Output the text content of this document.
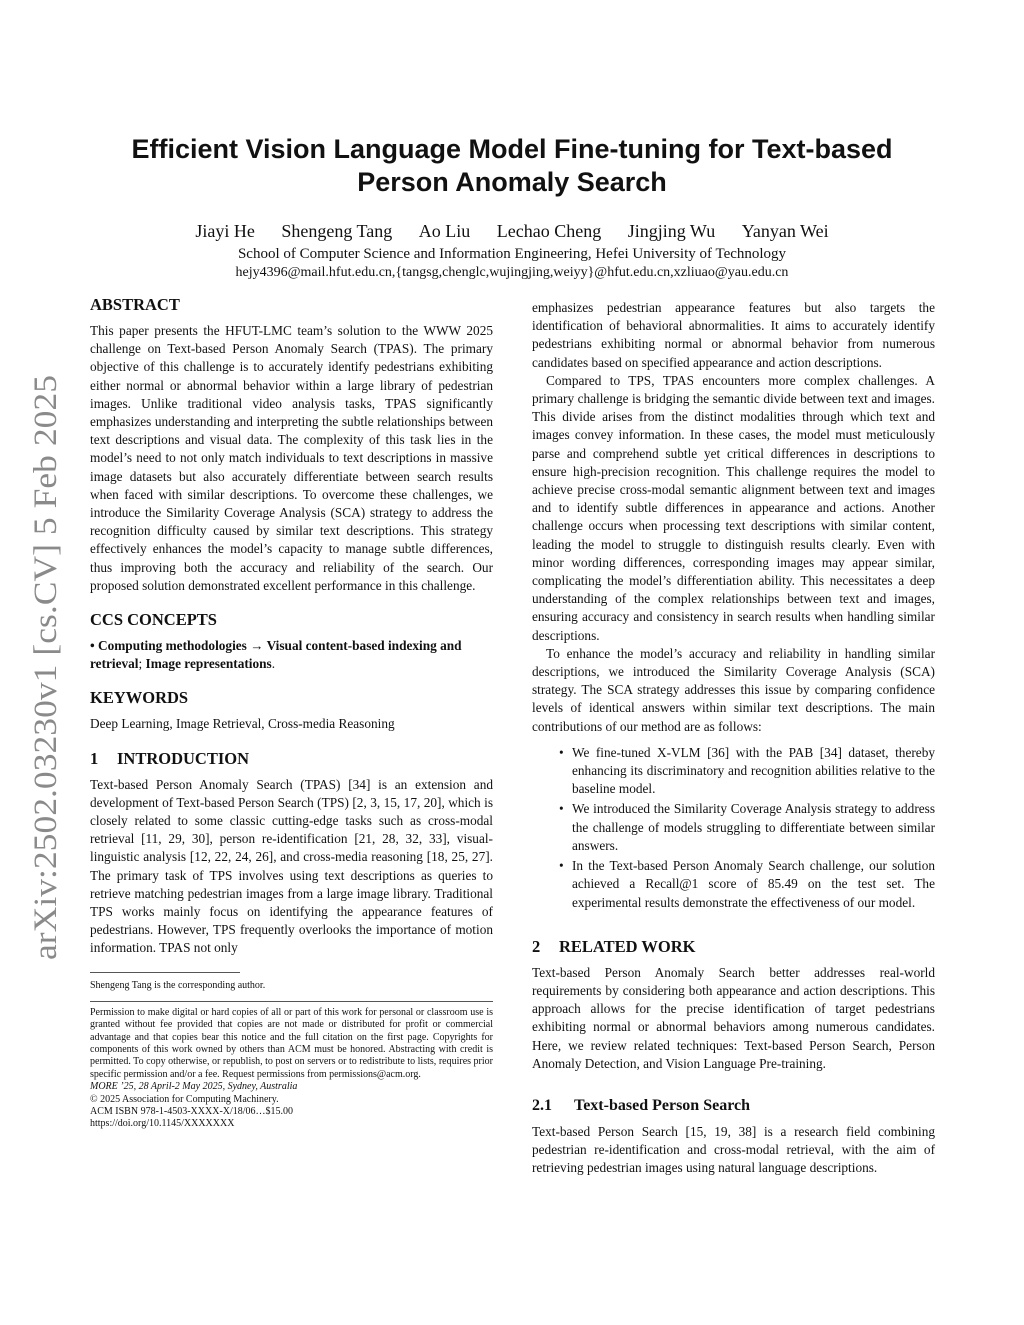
arXiv:2502.03230v1 [cs.CV] 5 Feb 2025
Efficient Vision Language Model Fine-tuning for Text-based
Person Anomaly Search
Jiayi He Shengeng Tang Ao Liu Lechao Cheng Jingjing Wu Yanyan Wei
School of Computer Science and Information Engineering, Hefei University of Technology
hejy4396@mail.hfut.edu.cn,{tangsg,chenglc,wujingjing,weiyy}@hfut.edu.cn,xzliuao@yau.edu.cn
ABSTRACT

This paper presents the HFUT-LMC team’s solution to the WWW 2025 challenge on Text-based Person Anomaly Search (TPAS). The primary objective of this challenge is to accurately identify pedestrians exhibiting either normal or abnormal behavior within a large library of pedestrian images. Unlike traditional video analysis tasks, TPAS significantly emphasizes understanding and interpreting the subtle relationships between text descriptions and visual data. The complexity of this task lies in the model’s need to not only match individuals to text descriptions in massive image datasets but also accurately differentiate between search results when faced with similar descriptions. To overcome these challenges, we introduce the Similarity Coverage Analysis (SCA) strategy to address the recognition difficulty caused by similar text descriptions. This strategy effectively enhances the model’s capacity to manage subtle differences, thus improving both the accuracy and reliability of the search. Our proposed solution demonstrated excellent performance in this challenge.

CCS CONCEPTS

• Computing methodologies → Visual content-based indexing and retrieval; Image representations.

KEYWORDS

Deep Learning, Image Retrieval, Cross-media Reasoning

1 INTRODUCTION

Text-based Person Anomaly Search (TPAS) [34] is an extension and development of Text-based Person Search (TPS) [2, 3, 15, 17, 20], which is closely related to some classic cutting-edge tasks such as cross-modal retrieval [11, 29, 30], person re-identification [21, 28, 32, 33], visual-linguistic analysis [12, 22, 24, 26], and cross-media reasoning [18, 25, 27]. The primary task of TPS involves using text descriptions as queries to retrieve matching pedestrian images from a large image library. Traditional TPS works mainly focus on identifying the appearance features of pedestrians. However, TPS frequently overlooks the importance of motion information. TPAS not only

Shengeng Tang is the corresponding author.

Permission to make digital or hard copies of all or part of this work for personal or classroom use is granted without fee provided that copies are not made or distributed for profit or commercial advantage and that copies bear this notice and the full citation on the first page. Copyrights for components of this work owned by others than ACM must be honored. Abstracting with credit is permitted. To copy otherwise, or republish, to post on servers or to redistribute to lists, requires prior specific permission and/or a fee. Request permissions from permissions@acm.org.

MORE ’25, 28 April-2 May 2025, Sydney, Australia

© 2025 Association for Computing Machinery.

ACM ISBN 978-1-4503-XXXX-X/18/06…$15.00

https://doi.org/10.1145/XXXXXXX

emphasizes pedestrian appearance features but also targets the identification of behavioral abnormalities. It aims to accurately identify pedestrians exhibiting normal or abnormal behavior from numerous candidates based on specified appearance and action descriptions.

Compared to TPS, TPAS encounters more complex challenges. A primary challenge is bridging the semantic divide between text and images. This divide arises from the distinct modalities through which text and images convey information. In these cases, the model must meticulously parse and comprehend subtle yet critical differences in descriptions to ensure high-precision recognition. This challenge requires the model to achieve precise cross-modal semantic alignment between text and images and to identify subtle differences in appearance and actions. Another challenge occurs when processing text descriptions with similar content, leading the model to struggle to distinguish results clearly. Even with minor wording differences, corresponding images may appear similar, complicating the model’s differentiation ability. This necessitates a deep understanding of the complex relationships between text and images, ensuring accuracy and consistency in search results when handling similar descriptions.

To enhance the model’s accuracy and reliability in handling similar descriptions, we introduced the Similarity Coverage Analysis (SCA) strategy. The SCA strategy addresses this issue by comparing confidence levels of identical answers within similar text descriptions. The main contributions of our method are as follows:

• We fine-tuned X-VLM [36] with the PAB [34] dataset, thereby enhancing its discriminatory and recognition abilities relative to the baseline model.
• We introduced the Similarity Coverage Analysis strategy to address the challenge of models struggling to differentiate between similar answers.
• In the Text-based Person Anomaly Search challenge, our solution achieved a Recall@1 score of 85.49 on the test set. The experimental results demonstrate the effectiveness of our model.
2 RELATED WORK

Text-based Person Anomaly Search better addresses real-world requirements by considering both appearance and action descriptions. This approach allows for the precise identification of target pedestrians exhibiting normal or abnormal behaviors among numerous candidates. Here, we review related techniques: Text-based Person Search, Person Anomaly Detection, and Vision Language Pre-training.

2.1 Text-based Person Search

Text-based Person Search [15, 19, 38] is a research field combining pedestrian re-identification and cross-modal retrieval, with the aim of retrieving pedestrian images using natural language descriptions.
